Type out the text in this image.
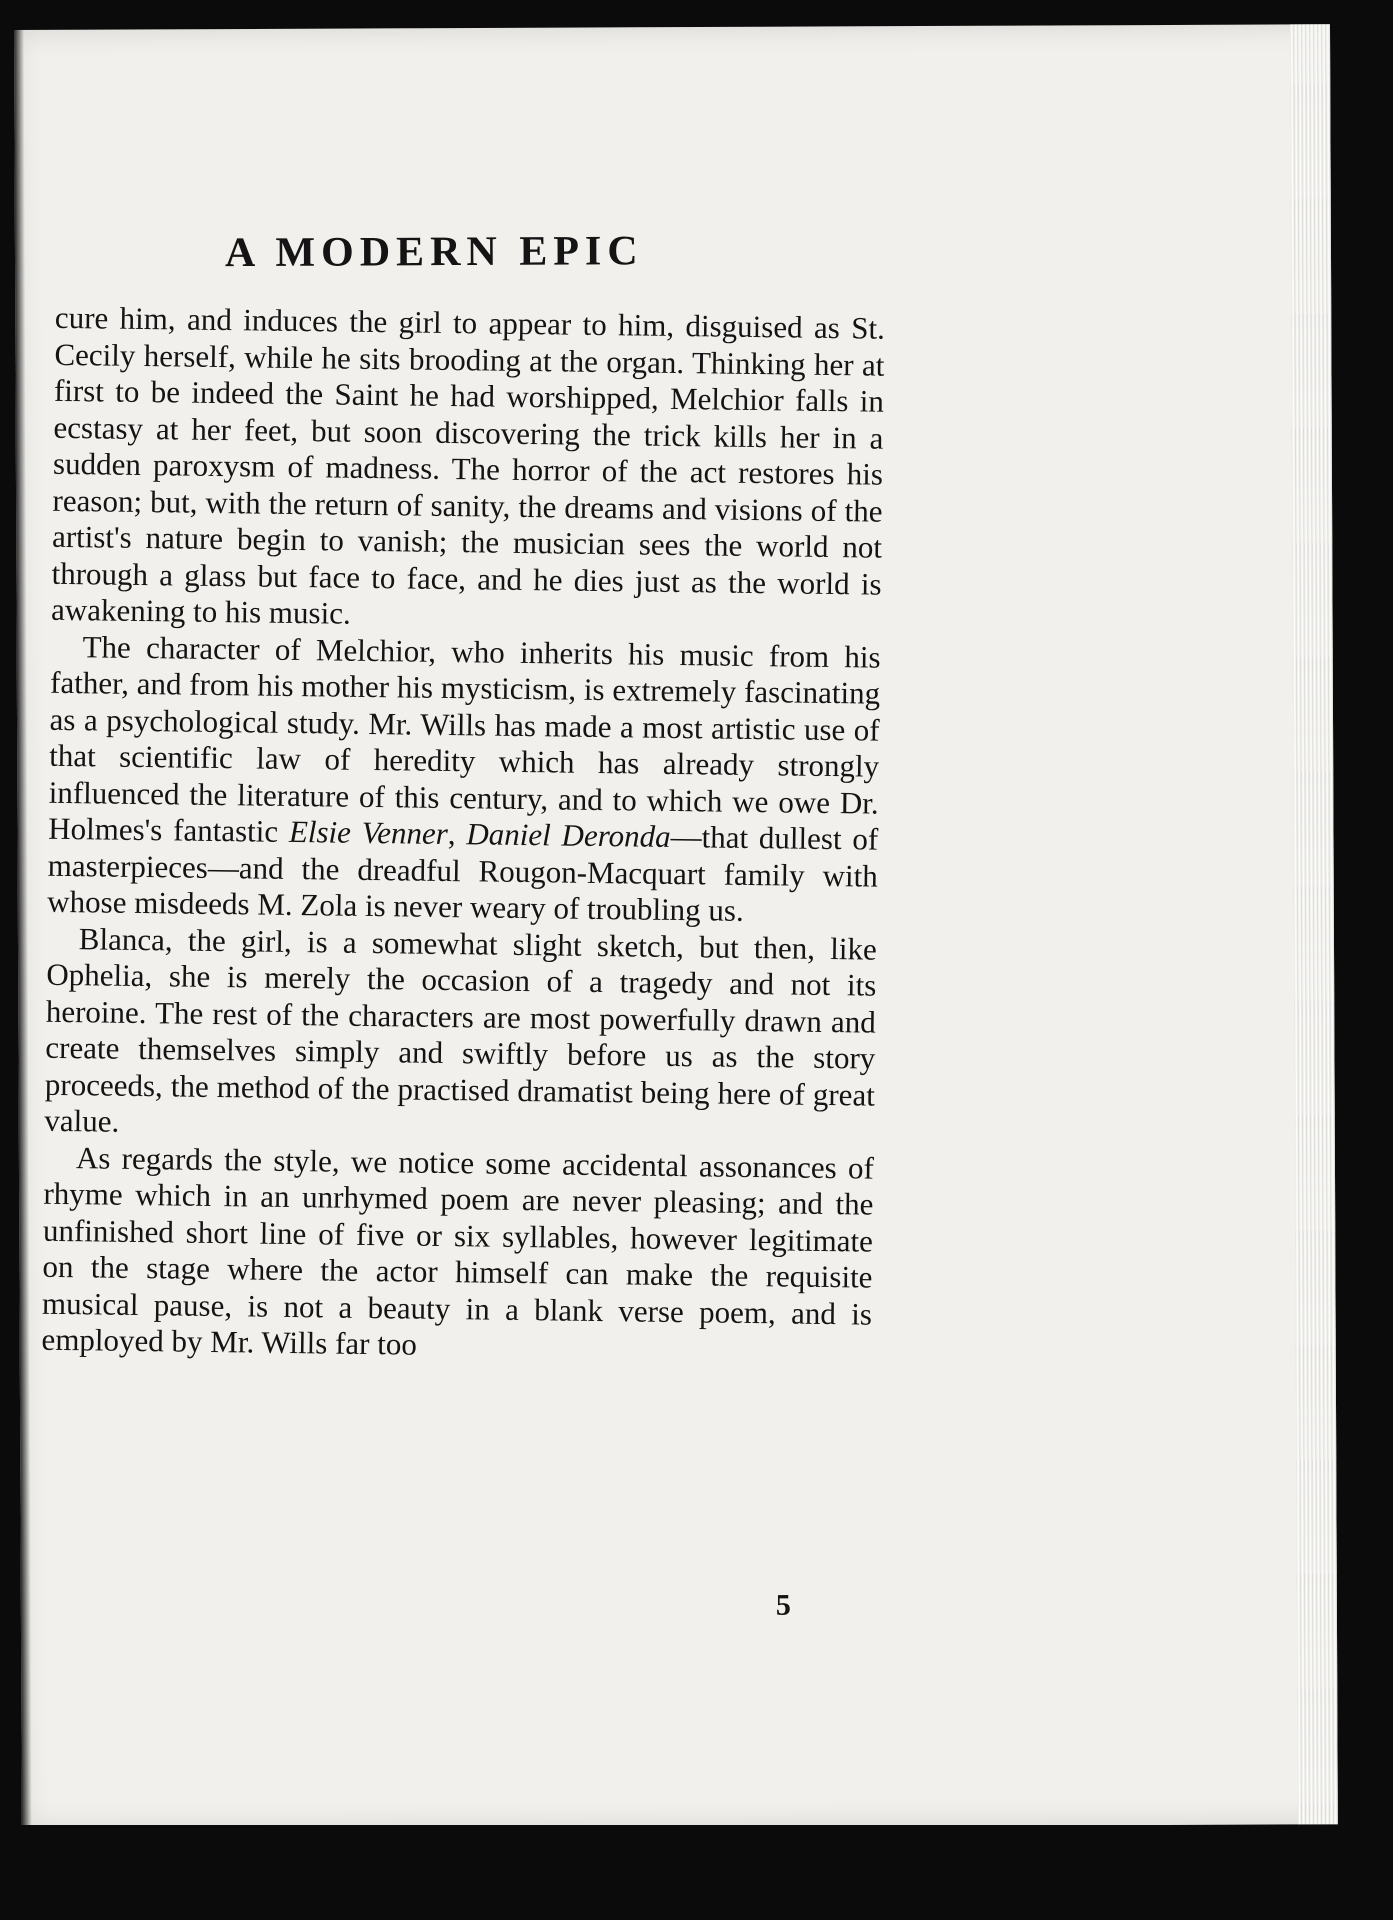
A MODERN EPIC

cure him, and induces the girl to appear to him, disguised as St. Cecily herself, while he sits brooding at the organ. Thinking her at first to be indeed the Saint he had worshipped, Melchior falls in ecstasy at her feet, but soon discovering the trick kills her in a sudden paroxysm of madness. The horror of the act restores his reason; but, with the return of sanity, the dreams and visions of the artist's nature begin to vanish; the musician sees the world not through a glass but face to face, and he dies just as the world is awakening to his music.

The character of Melchior, who inherits his music from his father, and from his mother his mysticism, is extremely fascinating as a psychological study. Mr. Wills has made a most artistic use of that scientific law of heredity which has already strongly influenced the literature of this century, and to which we owe Dr. Holmes's fantastic Elsie Venner, Daniel Deronda—that dullest of masterpieces—and the dreadful Rougon-Macquart family with whose misdeeds M. Zola is never weary of troubling us.

Blanca, the girl, is a somewhat slight sketch, but then, like Ophelia, she is merely the occasion of a tragedy and not its heroine. The rest of the characters are most powerfully drawn and create themselves simply and swiftly before us as the story proceeds, the method of the practised dramatist being here of great value.

As regards the style, we notice some accidental assonances of rhyme which in an unrhymed poem are never pleasing; and the unfinished short line of five or six syllables, however legitimate on the stage where the actor himself can make the requisite musical pause, is not a beauty in a blank verse poem, and is employed by Mr. Wills far too

5
